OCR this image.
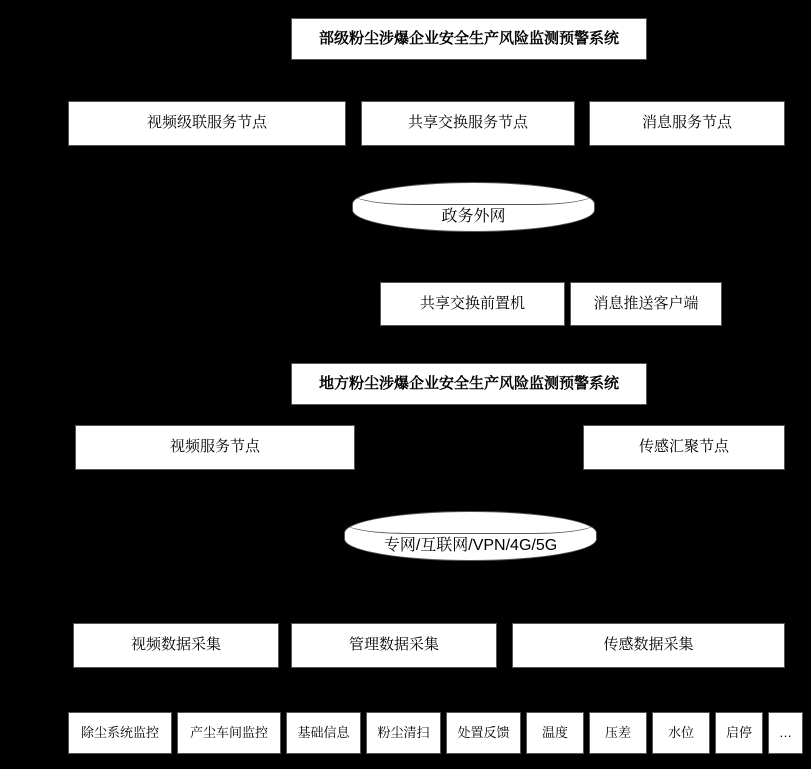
部级粉尘涉爆企业安全生产风险监测预警系统
视频级联服务节点	共享交换服务节点	消息服务节点
政务外网
共享交换前置机	消息推送客户端
地方粉尘涉爆企业安全生产风险监测预警系统
视频服务节点	传感汇聚节点
专网/互联网/VPN/4G/5G
视频数据采集	管理数据采集	传感数据采集
除尘系统监控 产尘车间监控 基础信息 粉尘清扫 处置反馈 温度	压差	水位 启停 …
